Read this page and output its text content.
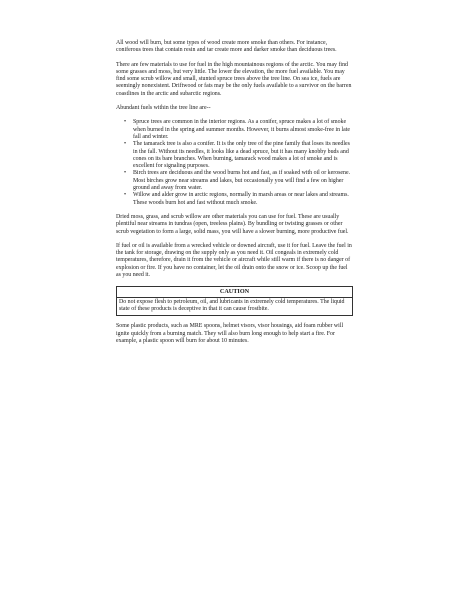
All wood will burn, but some types of wood create more smoke than others. For instance, coniferous trees that contain resin and tar create more and darker smoke than deciduous trees.

There are few materials to use for fuel in the high mountainous regions of the arctic. You may find some grasses and moss, but very little. The lower the elevation, the more fuel available. You may find some scrub willow and small, stunted spruce trees above the tree line. On sea ice, fuels are seemingly nonexistent. Driftwood or fats may be the only fuels available to a survivor on the barren coastlines in the arctic and subarctic regions.

Abundant fuels within the tree line are--

• Spruce trees are common in the interior regions. As a conifer, spruce makes a lot of smoke when burned in the spring and summer months. However, it burns almost smoke-free in late fall and winter.
• The tamarack tree is also a conifer. It is the only tree of the pine family that loses its needles in the fall. Without its needles, it looks like a dead spruce, but it has many knobby buds and cones on its bare branches. When burning, tamarack wood makes a lot of smoke and is excellent for signaling purposes.
• Birch trees are deciduous and the wood burns hot and fast, as if soaked with oil or kerosene. Most birches grow near streams and lakes, but occasionally you will find a few on higher ground and away from water.
• Willow and alder grow in arctic regions, normally in marsh areas or near lakes and streams. These woods burn hot and fast without much smoke.

Dried moss, grass, and scrub willow are other materials you can use for fuel. These are usually plentiful near streams in tundras (open, treeless plains). By bundling or twisting grasses or other scrub vegetation to form a large, solid mass, you will have a slower burning, more productive fuel.

If fuel or oil is available from a wrecked vehicle or downed aircraft, use it for fuel. Leave the fuel in the tank for storage, drawing on the supply only as you need it. Oil congeals in extremely cold temperatures, therefore, drain it from the vehicle or aircraft while still warm if there is no danger of explosion or fire. If you have no container, let the oil drain onto the snow or ice. Scoop up the fuel as you need it.

CAUTION
Do not expose flesh to petroleum, oil, and lubricants in extremely cold temperatures. The liquid state of these products is deceptive in that it can cause frostbite.

Some plastic products, such as MRE spoons, helmet visors, visor housings, aid foam rubber will ignite quickly from a burning match. They will also burn long enough to help start a fire. For example, a plastic spoon will burn for about 10 minutes.
